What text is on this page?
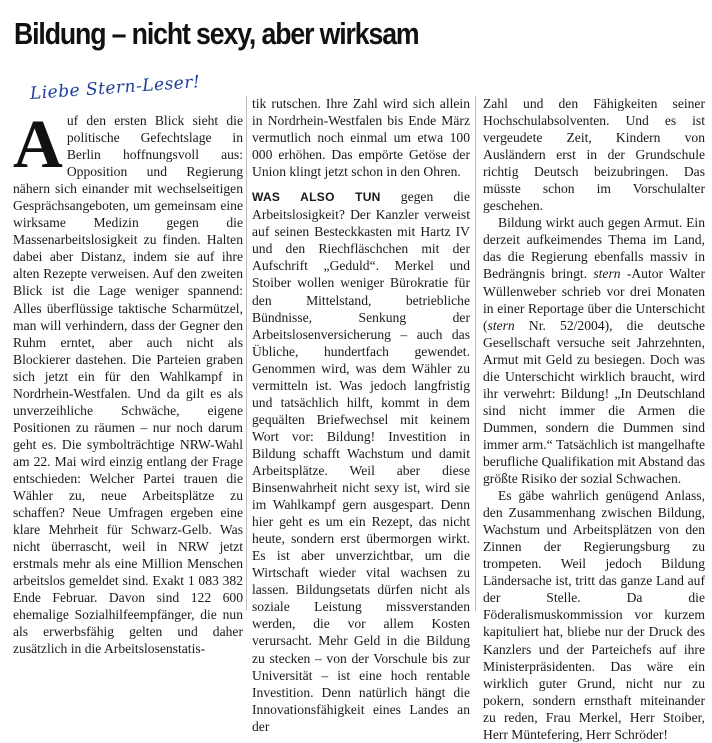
Bildung – nicht sexy, aber wirksam
Liebe Stern-Leser!

Auf den ersten Blick sieht die politische Gefechtslage in Berlin hoffnungsvoll aus: Opposition und Regierung nähern sich einander mit wechselseitigen Gesprächsangeboten, um gemeinsam eine wirksame Medizin gegen die Massenarbeitslosigkeit zu finden. Halten dabei aber Distanz, indem sie auf ihre alten Rezepte verweisen. Auf den zweiten Blick ist die Lage weniger spannend: Alles überflüssige taktische Scharmützel, man will verhindern, dass der Gegner den Ruhm erntet, aber auch nicht als Blockierer dastehen. Die Parteien graben sich jetzt ein für den Wahlkampf in Nordrhein-Westfalen. Und da gilt es als unverzeihliche Schwäche, eigene Positionen zu räumen – nur noch darum geht es. Die symbolträchtige NRW-Wahl am 22. Mai wird einzig entlang der Frage entschieden: Welcher Partei trauen die Wähler zu, neue Arbeitsplätze zu schaffen? Neue Umfragen ergeben eine klare Mehrheit für Schwarz-Gelb. Was nicht überrascht, weil in NRW jetzt erstmals mehr als eine Million Menschen arbeitslos gemeldet sind. Exakt 1 083 382 Ende Februar. Davon sind 122 600 ehemalige Sozialhilfeempfänger, die nun als erwerbsfähig gelten und daher zusätzlich in die Arbeitslosenstatis-

tik rutschen. Ihre Zahl wird sich allein in Nordrhein-Westfalen bis Ende März vermutlich noch einmal um etwa 100 000 erhöhen. Das empörte Getöse der Union klingt jetzt schon in den Ohren.

WAS ALSO TUN gegen die Arbeitslosigkeit? Der Kanzler verweist auf seinen Besteckkasten mit Hartz IV und den Riechfläschchen mit der Aufschrift „Geduld“. Merkel und Stoiber wollen weniger Bürokratie für den Mittelstand, betriebliche Bündnisse, Senkung der Arbeitslosenversicherung – auch das Übliche, hundertfach gewendet. Genommen wird, was dem Wähler zu vermitteln ist. Was jedoch langfristig und tatsächlich hilft, kommt in dem gequälten Briefwechsel mit keinem Wort vor: Bildung! Investition in Bildung schafft Wachstum und damit Arbeitsplätze. Weil aber diese Binsenwahrheit nicht sexy ist, wird sie im Wahlkampf gern ausgespart. Denn hier geht es um ein Rezept, das nicht heute, sondern erst übermorgen wirkt. Es ist aber unverzichtbar, um die Wirtschaft wieder vital wachsen zu lassen. Bildungsetats dürfen nicht als soziale Leistung missverstanden werden, die vor allem Kosten verursacht. Mehr Geld in die Bildung zu stecken – von der Vorschule bis zur Universität – ist eine hoch rentable Investition. Denn natürlich hängt die Innovationsfähigkeit eines Landes an der

Zahl und den Fähigkeiten seiner Hochschulabsolventen. Und es ist vergeudete Zeit, Kindern von Ausländern erst in der Grundschule richtig Deutsch beizubringen. Das müsste schon im Vorschulalter geschehen.

Bildung wirkt auch gegen Armut. Ein derzeit aufkeimendes Thema im Land, das die Regierung ebenfalls massiv in Bedrängnis bringt. stern -Autor Walter Wüllenweber schrieb vor drei Monaten in einer Reportage über die Unterschicht (stern Nr. 52/2004), die deutsche Gesellschaft versuche seit Jahrzehnten, Armut mit Geld zu besiegen. Doch was die Unterschicht wirklich braucht, wird ihr verwehrt: Bildung! „In Deutschland sind nicht immer die Armen die Dummen, sondern die Dummen sind immer arm.“ Tatsächlich ist mangelhafte berufliche Qualifikation mit Abstand das größte Risiko der sozial Schwachen.

Es gäbe wahrlich genügend Anlass, den Zusammenhang zwischen Bildung, Wachstum und Arbeitsplätzen von den Zinnen der Regierungsburg zu trompeten. Weil jedoch Bildung Ländersache ist, tritt das ganze Land auf der Stelle. Da die Föderalismuskommission vor kurzem kapituliert hat, bliebe nur der Druck des Kanzlers und der Parteichefs auf ihre Ministerpräsidenten. Das wäre ein wirklich guter Grund, nicht nur zu pokern, sondern ernsthaft miteinander zu reden, Frau Merkel, Herr Stoiber, Herr Müntefering, Herr Schröder!
